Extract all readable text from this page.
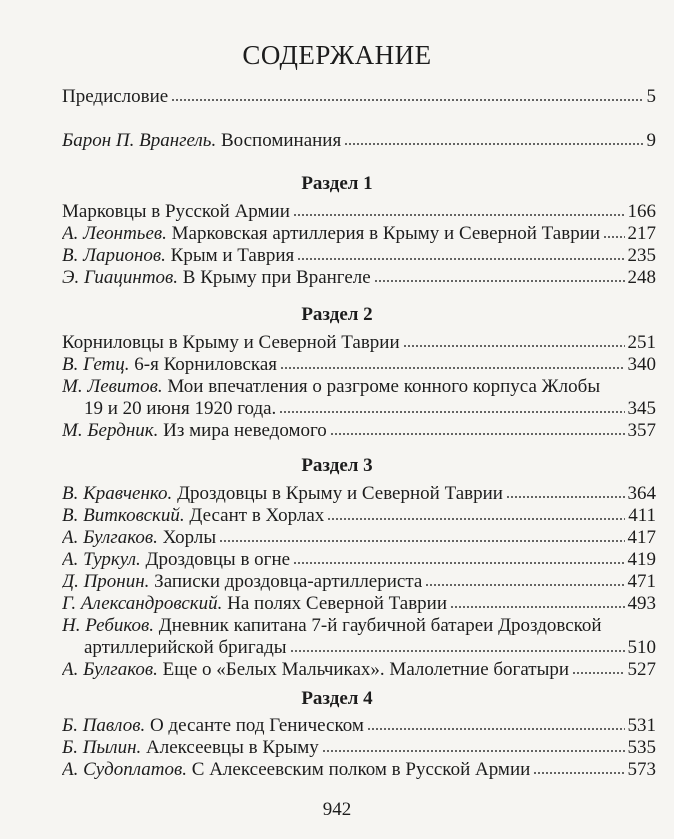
СОДЕРЖАНИЕ
Предисловие	5
Барон П. Врангель. Воспоминания	9
Раздел 1
Марковцы в Русской Армии	166
А. Леонтьев. Марковская артиллерия в Крыму и Северной Таврии 217
В. Ларионов. Крым и Таврия	235
Э. Гиацинтов. В Крыму при Врангеле	248
Раздел 2
Корниловцы в Крыму и Северной Таврии	251
В. Гетц. 6-я Корниловская	340
М. Левитов. Мои впечатления о разгроме конного корпуса Жлобы
19 и 20 июня 1920 года.	345
М. Бердник. Из мира неведомого	357
Раздел 3
В. Кравченко. Дроздовцы в Крыму и Северной Таврии	364
В. Витковский. Десант в Хорлах	411
А. Булгаков. Хорлы	417
А. Туркул. Дроздовцы в огне	419
Д. Пронин. Записки дроздовца-артиллериста	471
Г. Александровский. На полях Северной Таврии	493
Н. Ребиков. Дневник капитана 7-й гаубичной батареи Дроздовской
артиллерийской бригады	510
А. Булгаков. Еще о «Белых Мальчиках». Малолетние богатыри	527
Раздел 4
Б. Павлов. О десанте под Геническом	531
Б. Пылин. Алексеевцы в Крыму	535
А. Судоплатов. С Алексеевским полком в Русской Армии	573
942
